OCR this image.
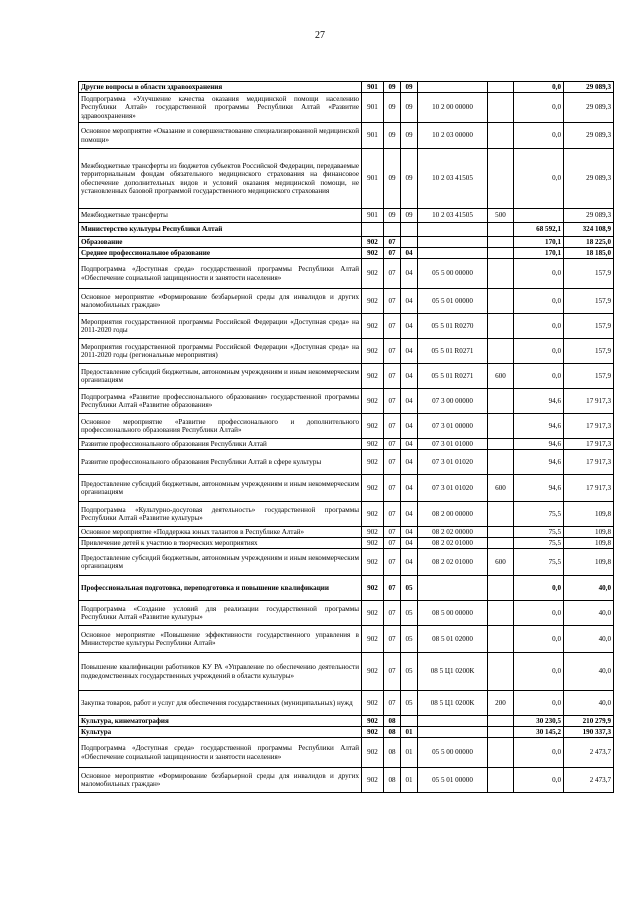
27
Другие вопросы в области здравоохранения	901	09	09			0,0	29 089,3
Подпрограмма «Улучшение качества оказания медицинской помощи населению Республики Алтай» государственной программы Республики Алтай «Развитие здравоохранения»	901	09	09	10 2 00 00000		0,0	29 089,3
Основное мероприятие «Оказание и совершенствование специализированной медицинской помощи»	901	09	09	10 2 03 00000		0,0	29 089,3
Межбюджетные трансферты из бюджетов субъектов Российской Федерации, передаваемые территориальным фондам обязательного медицинского страхования на финансовое обеспечение дополнительных видов и условий оказания медицинской помощи, не установленных базовой программой государственного медицинского страхования	901	09	09	10 2 03 41505		0,0	29 089,3
Межбюджетные трансферты	901	09	09	10 2 03 41505	500		29 089,3
Министерство культуры Республики Алтай						68 592,1	324 108,9
Образование	902	07				170,1	18 225,0
Среднее профессиональное образование	902	07	04			170,1	18 185,0
Подпрограмма «Доступная среда» государственной программы Республики Алтай «Обеспечение социальной защищенности и занятости населения»	902	07	04	05 5 00 00000		0,0	157,9
Основное мероприятие «Формирование безбарьерной среды для инвалидов и других маломобильных граждан»	902	07	04	05 5 01 00000		0,0	157,9
Мероприятия государственной программы Российской Федерации «Доступная среда» на 2011-2020 годы	902	07	04	05 5 01 R0270		0,0	157,9
Мероприятия государственной программы Российской Федерации «Доступная среда» на 2011-2020 годы (региональные мероприятия)	902	07	04	05 5 01 R0271		0,0	157,9
Предоставление субсидий бюджетным, автономным учреждениям и иным некоммерческим организациям	902	07	04	05 5 01 R0271	600	0,0	157,9
Подпрограмма «Развитие профессионального образования» государственной программы Республики Алтай «Развитие образования»	902	07	04	07 3 00 00000		94,6	17 917,3
Основное мероприятие «Развитие профессионального и дополнительного профессионального образования Республики Алтай»	902	07	04	07 3 01 00000		94,6	17 917,3
Развитие профессионального образования Республики Алтай	902	07	04	07 3 01 01000		94,6	17 917,3
Развитие профессионального образования Республики Алтай в сфере культуры	902	07	04	07 3 01 01020		94,6	17 917,3
Предоставление субсидий бюджетным, автономным учреждениям и иным некоммерческим организациям	902	07	04	07 3 01 01020	600	94,6	17 917,3
Подпрограмма «Культурно-досуговая деятельность» государственной программы Республики Алтай «Развитие культуры»	902	07	04	08 2 00 00000		75,5	109,8
Основное мероприятие «Поддержка юных талантов в Республике Алтай»	902	07	04	08 2 02 00000		75,5	109,8
Привлечение детей к участию в творческих мероприятиях	902	07	04	08 2 02 01000		75,5	109,8
Предоставление субсидий бюджетным, автономным учреждениям и иным некоммерческим организациям	902	07	04	08 2 02 01000	600	75,5	109,8
Профессиональная подготовка, переподготовка и повышение квалификации	902	07	05			0,0	40,0
Подпрограмма «Создание условий для реализации государственной программы Республики Алтай «Развитие культуры»	902	07	05	08 5 00 00000		0,0	40,0
Основное мероприятие «Повышение эффективности государственного управления в Министерстве культуры Республики Алтай»	902	07	05	08 5 01 02000		0,0	40,0
Повышение квалификации работников КУ РА «Управление по обеспечению деятельности подведомственных государственных учреждений в области культуры»	902	07	05	08 5 Ц1 0200К		0,0	40,0
Закупка товаров, работ и услуг для обеспечения государственных (муниципальных) нужд	902	07	05	08 5 Ц1 0200К	200	0,0	40,0
Культура, кинематография	902	08				30 230,5	210 279,9
Культура	902	08	01			30 145,2	190 337,3
Подпрограмма «Доступная среда» государственной программы Республики Алтай «Обеспечение социальной защищенности и занятости населения»	902	08	01	05 5 00 00000		0,0	2 473,7
Основное мероприятие «Формирование безбарьерной среды для инвалидов и других маломобильных граждан»	902	08	01	05 5 01 00000		0,0	2 473,7
